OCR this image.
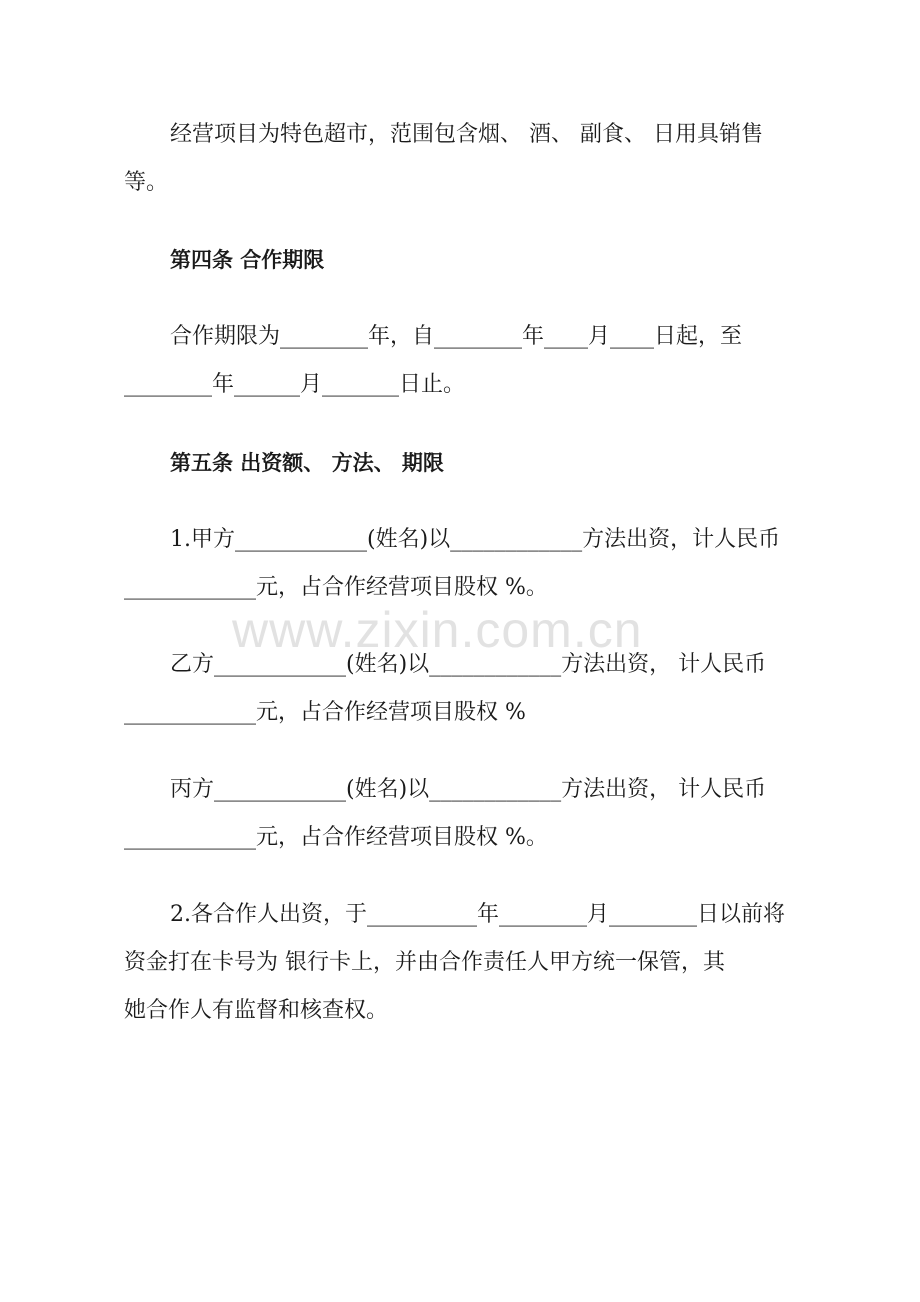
经营项目为特色超市，范围包含烟、 酒、 副食、 日用具销售
等。
第四条 合作期限
合作期限为________年，自________年____月____日起，至
________年______月_______日止。
第五条 出资额、 方法、 期限
1.甲方____________(姓名)以____________方法出资，计人民币
____________元，占合作经营项目股权 %。
乙方____________(姓名)以____________方法出资， 计人民币
____________元，占合作经营项目股权 %
丙方____________(姓名)以____________方法出资， 计人民币
____________元，占合作经营项目股权 %。
2.各合作人出资，于__________年________月________日以前将
资金打在卡号为 银行卡上，并由合作责任人甲方统一保管，其
她合作人有监督和核查权。
www.zixin.com.cn
